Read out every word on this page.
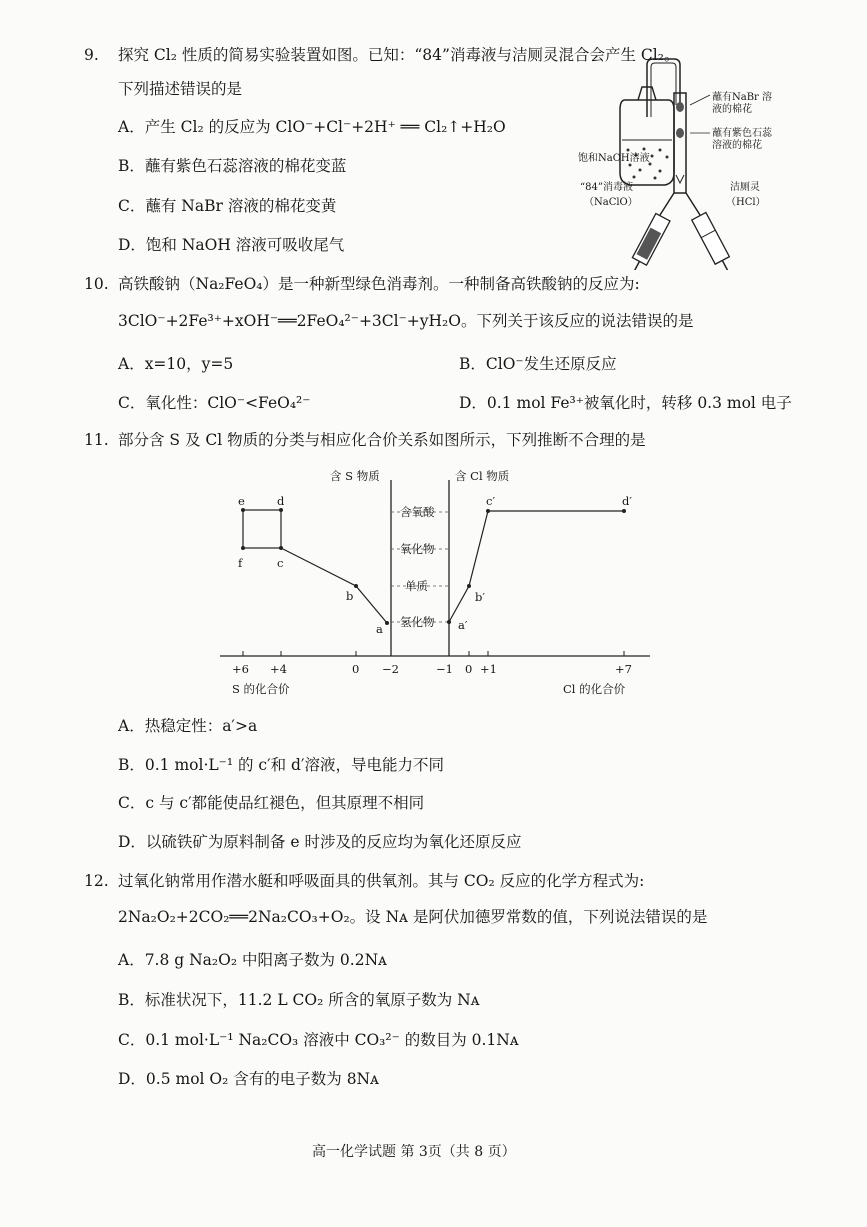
9. 探究 Cl₂ 性质的简易实验装置如图。已知：“84”消毒液与洁厕灵混合会产生 Cl₂。
下列描述错误的是
A．产生 Cl₂ 的反应为 ClO⁻+Cl⁻+2H⁺ ══ Cl₂↑+H₂O
B．蘸有紫色石蕊溶液的棉花变蓝
C．蘸有 NaBr 溶液的棉花变黄
D．饱和 NaOH 溶液可吸收尾气
蘸有NaBr 溶液的棉花
蘸有紫色石蕊 溶液的棉花
饱和NaOH溶液
“84”消毒液
（NaClO）
洁厕灵
（HCl）
10. 高铁酸钠（Na₂FeO₄）是一种新型绿色消毒剂。一种制备高铁酸钠的反应为:
3ClO⁻+2Fe³⁺+xOH⁻══2FeO₄²⁻+3Cl⁻+yH₂O。下列关于该反应的说法错误的是
A．x=10，y=5	B．ClO⁻发生还原反应
C．氧化性：ClO⁻<FeO₄²⁻	D．0.1 mol Fe³⁺被氧化时，转移 0.3 mol 电子
11. 部分含 S 及 Cl 物质的分类与相应化合价关系如图所示，下列推断不合理的是
含 S 物质	含 Cl 物质
含氧酸
氧化物
单质
氢化物
e	d
f	c
b
a
c′	d′
b′
a′
+6 +4	0 −2	−1 0 +1	+7
S 的化合价	Cl 的化合价
A．热稳定性：a′>a
B．0.1 mol·L⁻¹ 的 c′和 d′溶液，导电能力不同
C．c 与 c′都能使品红褪色，但其原理不相同
D．以硫铁矿为原料制备 e 时涉及的反应均为氧化还原反应
12. 过氧化钠常用作潜水艇和呼吸面具的供氧剂。其与 CO₂ 反应的化学方程式为:
2Na₂O₂+2CO₂══2Na₂CO₃+O₂。设 Nᴀ 是阿伏加德罗常数的值，下列说法错误的是
A．7.8 g Na₂O₂ 中阳离子数为 0.2Nᴀ
B．标准状况下，11.2 L CO₂ 所含的氧原子数为 Nᴀ
C．0.1 mol·L⁻¹ Na₂CO₃ 溶液中 CO₃²⁻ 的数目为 0.1Nᴀ
D．0.5 mol O₂ 含有的电子数为 8Nᴀ
高一化学试题 第 3页（共 8 页）
